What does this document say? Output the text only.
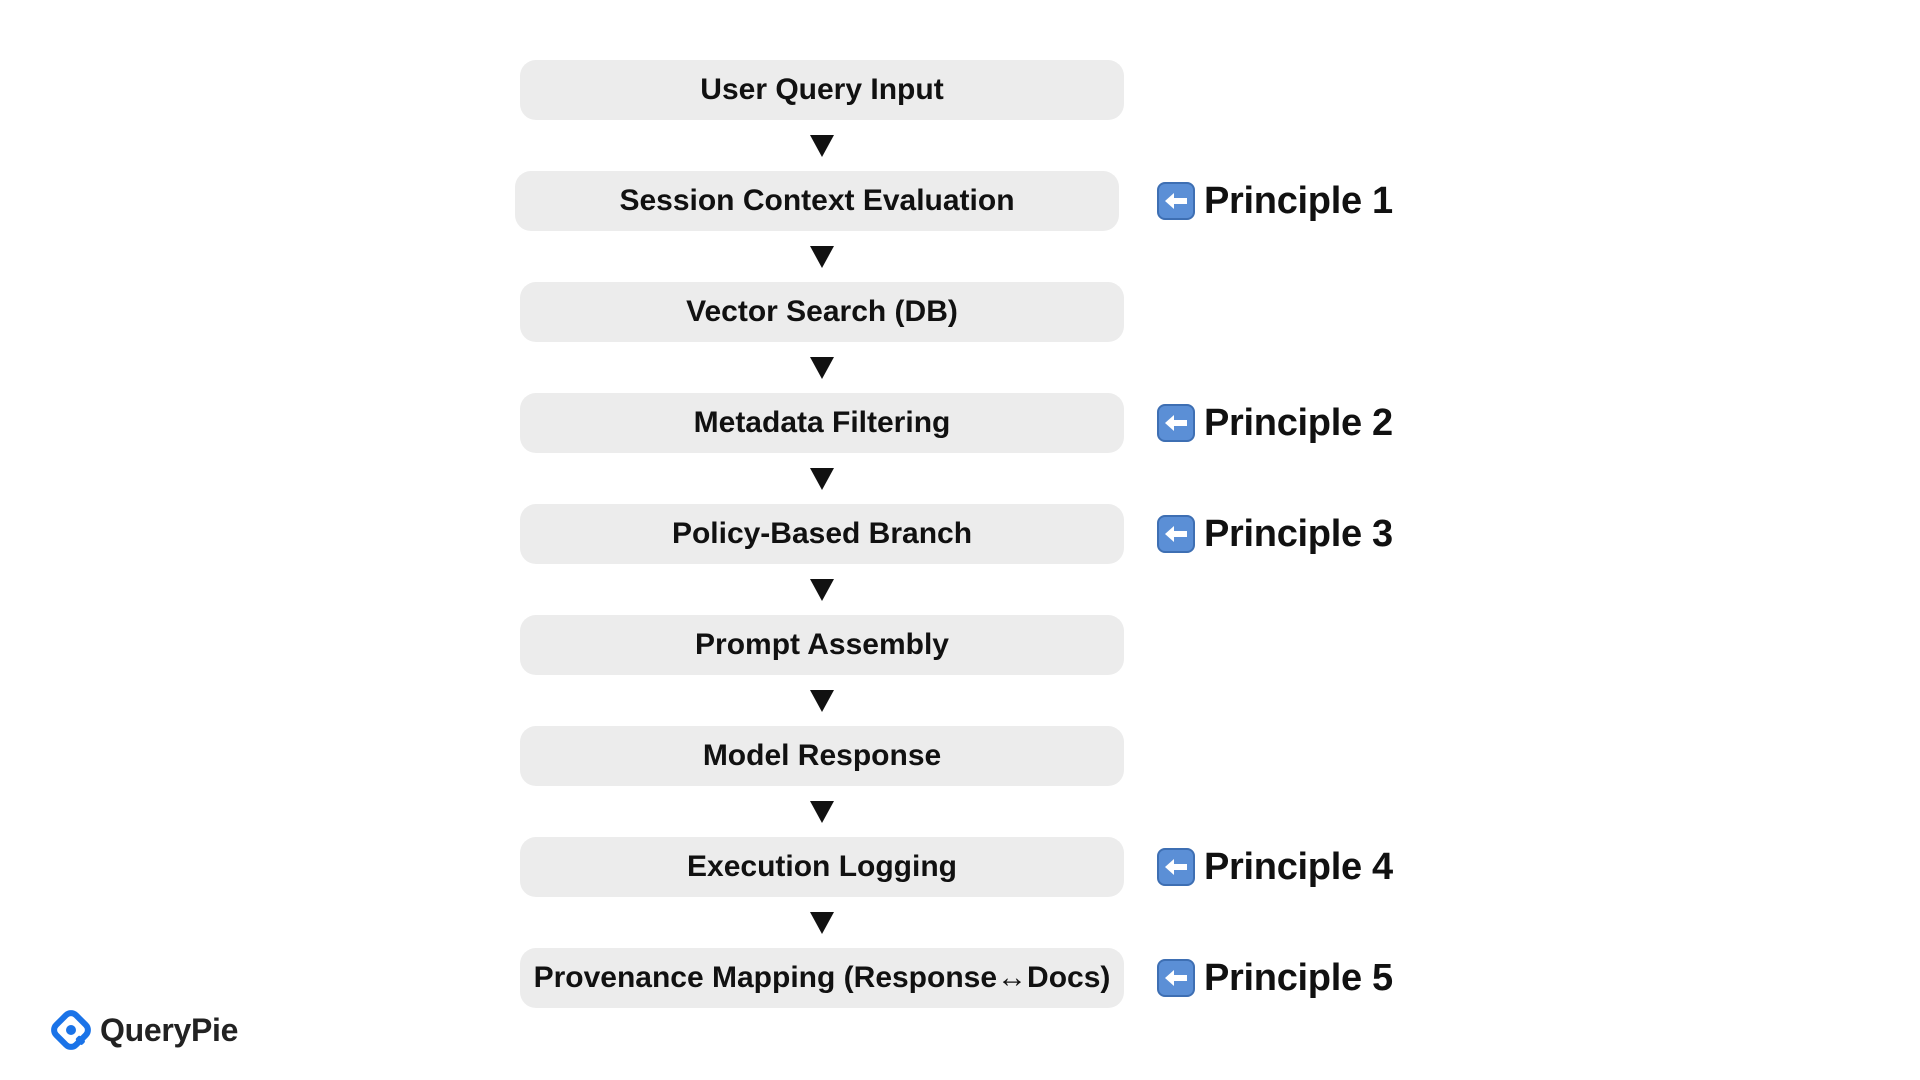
User Query Input
Session Context Evaluation	Principle 1
Vector Search (DB)
Metadata Filtering	Principle 2
Policy-Based Branch	Principle 3
Prompt Assembly
Model Response
Execution Logging	Principle 4
Provenance Mapping (Response↔Docs)	Principle 5
QueryPie
